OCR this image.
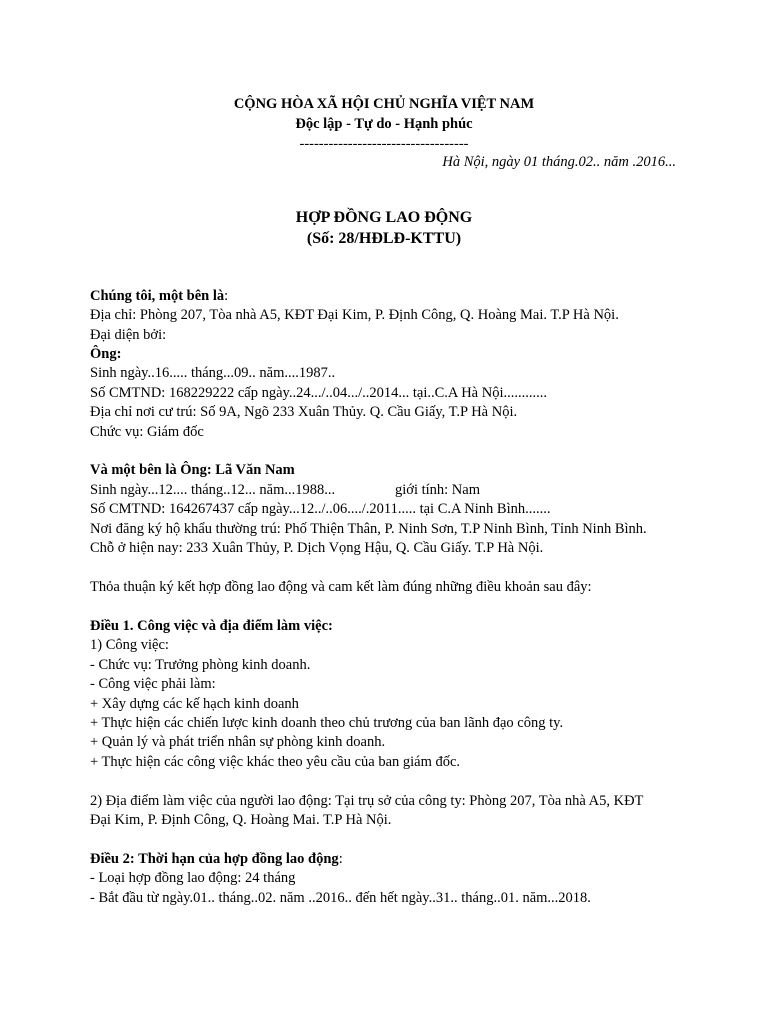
CỘNG HÒA XÃ HỘI CHỦ NGHĨA VIỆT NAM
Độc lập - Tự do - Hạnh phúc
-----------------------------------
Hà Nội, ngày 01 tháng.02.. năm .2016...
HỢP ĐỒNG LAO ĐỘNG
(Số: 28/HĐLĐ-KTTU)
Chúng tôi, một bên là:
Địa chỉ: Phòng 207, Tòa nhà A5, KĐT Đại Kim, P. Định Công, Q. Hoàng Mai. T.P Hà Nội.
Đại diện bởi:
Ông:
Sinh ngày..16..... tháng...09.. năm....1987..
Số CMTND: 168229222 cấp ngày..24.../..04.../..2014... tại..C.A Hà Nội............
Địa chỉ nơi cư trú: Số 9A, Ngõ 233 Xuân Thủy. Q. Cầu Giấy, T.P Hà Nội.
Chức vụ: Giám đốc
Và một bên là Ông: Lã Văn Nam
Sinh ngày...12.... tháng..12... năm...1988...	giới tính: Nam
Số CMTND: 164267437 cấp ngày...12../..06..../.2011..... tại C.A Ninh Bình.......
Nơi đăng ký hộ khẩu thường trú: Phố Thiện Thân, P. Ninh Sơn, T.P Ninh Bình, Tỉnh Ninh Bình.
Chỗ ở hiện nay: 233 Xuân Thủy, P. Dịch Vọng Hậu, Q. Cầu Giấy. T.P Hà Nội.
Thỏa thuận ký kết hợp đồng lao động và cam kết làm đúng những điều khoản sau đây:
Điều 1. Công việc và địa điểm làm việc:
1) Công việc:
- Chức vụ: Trưởng phòng kinh doanh.
- Công việc phải làm:
+ Xây dựng các kế hạch kinh doanh
+ Thực hiện các chiến lược kinh doanh theo chủ trương của ban lãnh đạo công ty.
+ Quản lý và phát triển nhân sự phòng kinh doanh.
+ Thực hiện các công việc khác theo yêu cầu của ban giám đốc.
2) Địa điểm làm việc của người lao động: Tại trụ sở của công ty: Phòng 207, Tòa nhà A5, KĐT
Đại Kim, P. Định Công, Q. Hoàng Mai. T.P Hà Nội.
Điều 2: Thời hạn của hợp đồng lao động:
- Loại hợp đồng lao động: 24 tháng
- Bắt đầu từ ngày.01.. tháng..02. năm ..2016.. đến hết ngày..31.. tháng..01. năm...2018.
